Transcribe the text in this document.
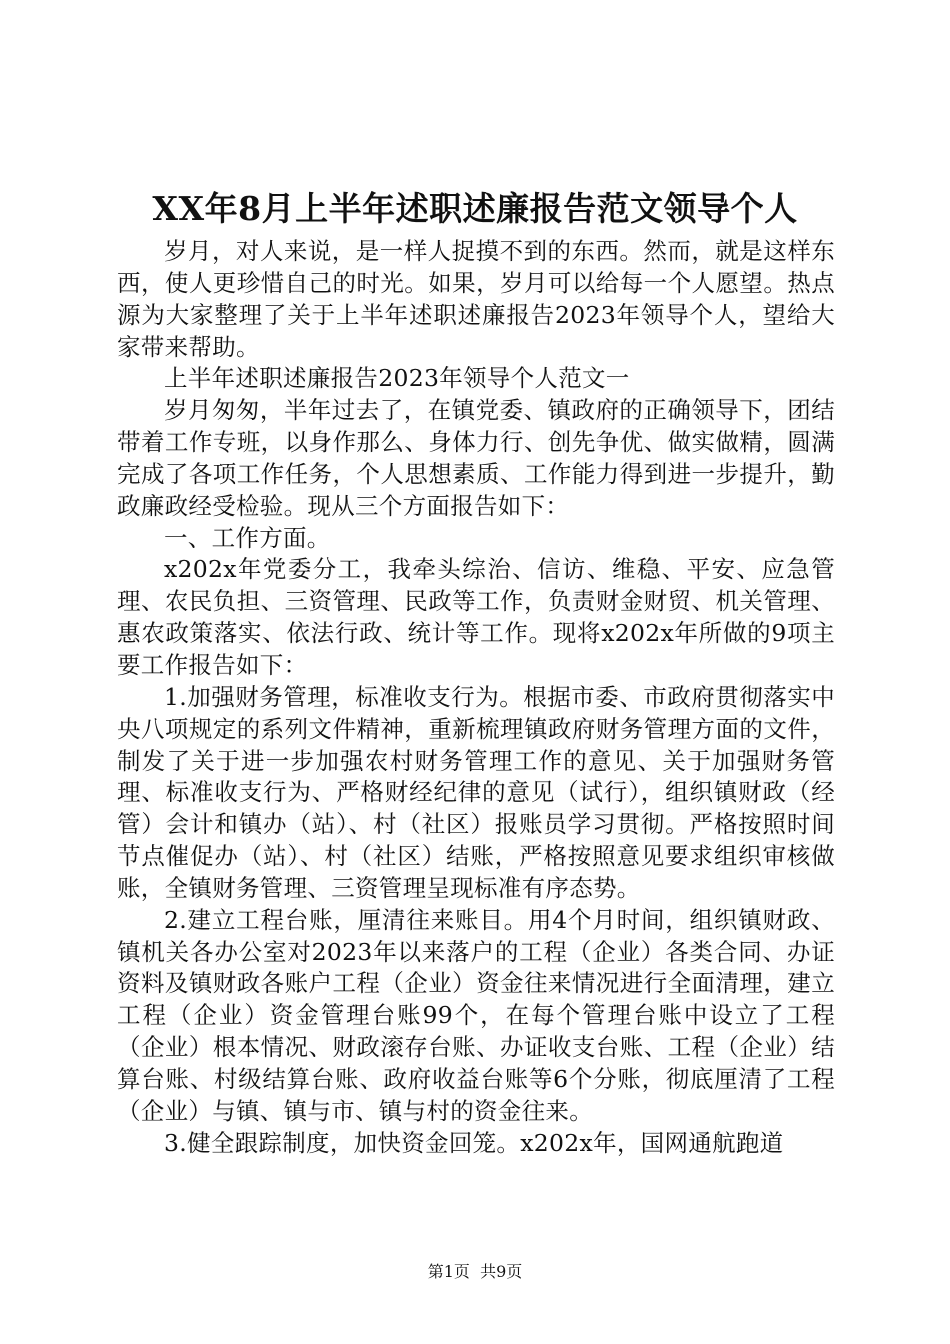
XX年8月上半年述职述廉报告范文领导个人

岁月，对人来说，是一样人捉摸不到的东西。然而，就是这样东西，使人更珍惜自己的时光。如果，岁月可以给每一个人愿望。热点源为大家整理了关于上半年述职述廉报告2023年领导个人，望给大家带来帮助。

上半年述职述廉报告2023年领导个人范文一

岁月匆匆，半年过去了，在镇党委、镇政府的正确领导下，团结带着工作专班，以身作那么、身体力行、创先争优、做实做精，圆满完成了各项工作任务，个人思想素质、工作能力得到进一步提升，勤政廉政经受检验。现从三个方面报告如下：

一、工作方面。

x202x年党委分工，我牵头综治、信访、维稳、平安、应急管理、农民负担、三资管理、民政等工作，负责财金财贸、机关管理、惠农政策落实、依法行政、统计等工作。现将x202x年所做的9项主要工作报告如下：

1.加强财务管理，标准收支行为。根据市委、市政府贯彻落实中央八项规定的系列文件精神，重新梳理镇政府财务管理方面的文件，制发了关于进一步加强农村财务管理工作的意见、关于加强财务管理、标准收支行为、严格财经纪律的意见（试行），组织镇财政（经管）会计和镇办（站）、村（社区）报账员学习贯彻。严格按照时间节点催促办（站）、村（社区）结账，严格按照意见要求组织审核做账，全镇财务管理、三资管理呈现标准有序态势。

2.建立工程台账，厘清往来账目。用4个月时间，组织镇财政、镇机关各办公室对2023年以来落户的工程（企业）各类合同、办证资料及镇财政各账户工程（企业）资金往来情况进行全面清理，建立工程（企业）资金管理台账99个，在每个管理台账中设立了工程（企业）根本情况、财政滚存台账、办证收支台账、工程（企业）结算台账、村级结算台账、政府收益台账等6个分账，彻底厘清了工程（企业）与镇、镇与市、镇与村的资金往来。

3.健全跟踪制度，加快资金回笼。x202x年，国网通航跑道

第1页 共9页
